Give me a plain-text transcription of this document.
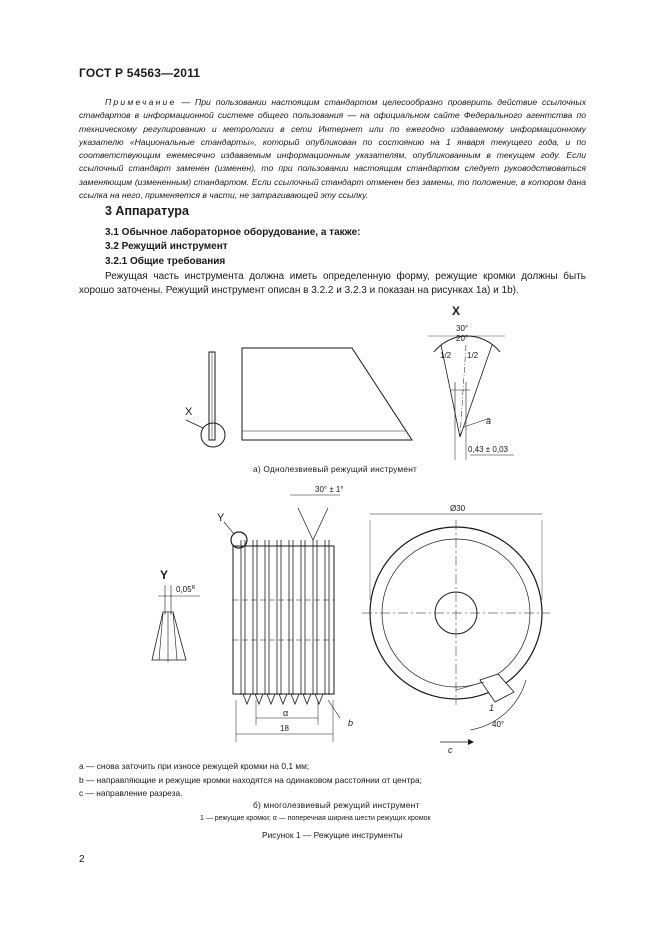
ГОСТ Р 54563—2011
Примечание — При пользовании настоящим стандартом целесообразно проверить действие ссылочных стандартов в информационной системе общего пользования — на официальном сайте Федерального агентства по техническому регулированию и метрологии в сети Интернет или по ежегодно издаваемому информационному указателю «Национальные стандарты», который опубликован по состоянию на 1 января текущего года, и по соответствующим ежемесячно издаваемым информационным указателям, опубликованным в текущем году. Если ссылочный стандарт заменен (изменен), то при пользовании настоящим стандартом следует руководствоваться заменяющим (измененным) стандартом. Если ссылочный стандарт отменен без замены, то положение, в котором дана ссылка на него, применяется в части, не затрагивающей эту ссылку.
3 Аппаратура
3.1 Обычное лабораторное оборудование, а также:
3.2 Режущий инструмент
3.2.1 Общие требования
Режущая часть инструмента должна иметь определенную форму, режущие кромки должны быть хорошо заточены. Режущий инструмент описан в 3.2.2 и 3.2.3 и показан на рисунках 1а) и 1b).
X
X
30°
20°
1/2 1/2
a
0,43 ± 0,03
Y
Y
$0,05^R$
30° ± 1°
α
18
b
Ø30
1
40°
c
а) Однолезвиевый режущий инструмент
a — снова заточить при износе режущей кромки на 0,1 мм;
b — направляющие и режущие кромки находятся на одинаковом расстоянии от центра;
c — направление разреза.
б) многолезвиевый режущий инструмент
1 — режущие кромки; α — поперечная ширина шести режущих кромок
Рисунок 1 — Режущие инструменты
2
